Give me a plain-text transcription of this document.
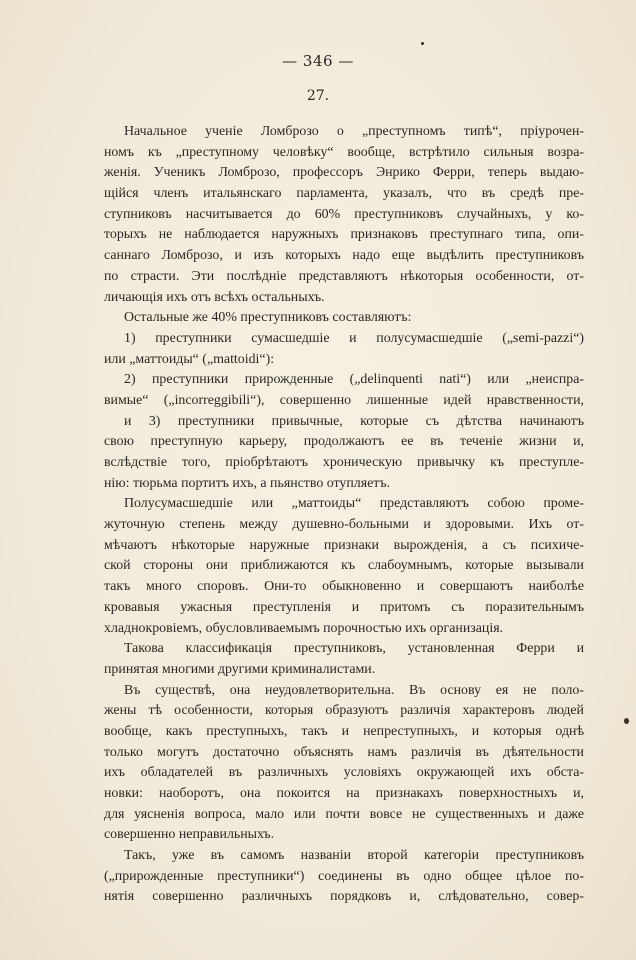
— 346 —
27.
Начальное ученіе Ломброзо о „преступномъ типѣ“, пріурочен-
номъ къ „преступному человѣку“ вообще, встрѣтило сильныя возра-
женія. Ученикъ Ломброзо, профессоръ Энрико Ферри, теперь выдаю-
щійся членъ итальянскаго парламента, указалъ, что въ средѣ пре-
ступниковъ насчитывается до 60% преступниковъ случайныхъ, у ко-
торыхъ не наблюдается наружныхъ признаковъ преступнаго типа, опи-
саннаго Ломброзо, и изъ которыхъ надо еще выдѣлить преступниковъ
по страсти. Эти послѣдніе представляютъ нѣкоторыя особенности, от-
личающія ихъ отъ всѣхъ остальныхъ.
Остальные же 40% преступниковъ составляютъ:
1) преступники сумасшедшіе и полусумасшедшіе („semi-pazzi“)
или „маттоиды“ („mattoidi“):
2) преступники прирожденные („delinquenti nati“) или „неиспра-
вимые“ („incorreggibili“), совершенно лишенные идей нравственности,
и 3) преступники привычные, которые съ дѣтства начинаютъ
свою преступную карьеру, продолжаютъ ее въ теченіе жизни и,
вслѣдствіе того, пріобрѣтаютъ хроническую привычку къ преступле-
нію: тюрьма портитъ ихъ, а пьянство отупляетъ.
Полусумасшедшіе или „маттоиды“ представляютъ собою проме-
жуточную степень между душевно-больными и здоровыми. Ихъ от-
мѣчаютъ нѣкоторые наружные признаки вырожденія, а съ психиче-
ской стороны они приближаются къ слабоумнымъ, которые вызывали
такъ много споровъ. Они-то обыкновенно и совершаютъ наиболѣе
кровавыя ужасныя преступленія и притомъ съ поразительнымъ
хладнокровіемъ, обусловливаемымъ порочностью ихъ организація.
Такова классификація преступниковъ, установленная Ферри и
принятая многими другими криминалистами.
Въ существѣ, она неудовлетворительна. Въ основу ея не поло-
жены тѣ особенности, которыя образуютъ различія характеровъ людей
вообще, какъ преступныхъ, такъ и непреступныхъ, и которыя однѣ
только могутъ достаточно объяснять намъ различія въ дѣятельности
ихъ обладателей въ различныхъ условіяхъ окружающей ихъ обста-
новки: наоборотъ, она покоится на признакахъ поверхностныхъ и,
для уясненія вопроса, мало или почти вовсе не существенныхъ и даже
совершенно неправильныхъ.
Такъ, уже въ самомъ названіи второй категоріи преступниковъ
(„прирожденные преступники“) соединены въ одно общее цѣлое по-
нятія совершенно различныхъ порядковъ и, слѣдовательно, совер-
